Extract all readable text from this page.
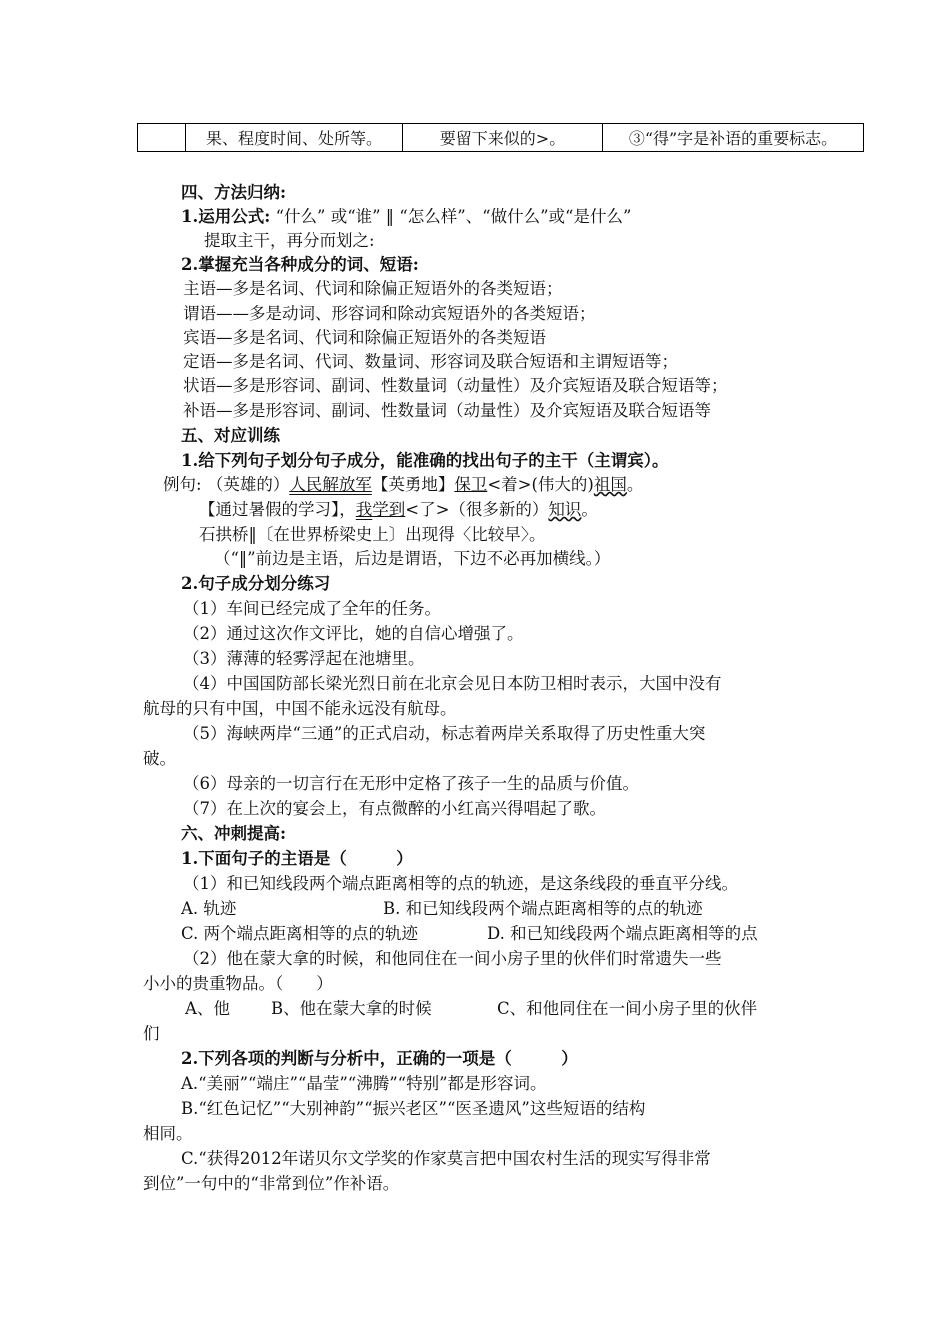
	果、程度时间、处所等。	要留下来似的>。	③“得”字是补语的重要标志。
四、方法归纳:
1.运用公式: “什么” 或“谁” ‖ “怎么样”、“做什么”或“是什么”
提取主干，再分而划之:
2.掌握充当各种成分的词、短语:
主语—多是名词、代词和除偏正短语外的各类短语；
谓语——多是动词、形容词和除动宾短语外的各类短语；
宾语—多是名词、代词和除偏正短语外的各类短语
定语—多是名词、代词、数量词、形容词及联合短语和主谓短语等；
状语—多是形容词、副词、性数量词（动量性）及介宾短语及联合短语等；
补语—多是形容词、副词、性数量词（动量性）及介宾短语及联合短语等
五、对应训练
1.给下列句子划分句子成分，能准确的找出句子的主干（主谓宾）。
例句: （英雄的）人民解放军【英勇地】保卫<着>(伟大的)祖国。
【通过暑假的学习】，我学到<了>（很多新的）知识。
石拱桥‖〔在世界桥梁史上〕出现得〈比较早〉。
（“‖”前边是主语，后边是谓语，下边不必再加横线。）
2.句子成分划分练习
（1）车间已经完成了全年的任务。
（2）通过这次作文评比，她的自信心增强了。
（3）薄薄的轻雾浮起在池塘里。
（4）中国国防部长梁光烈日前在北京会见日本防卫相时表示，大国中没有
航母的只有中国，中国不能永远没有航母。
（5）海峡两岸“三通”的正式启动，标志着两岸关系取得了历史性重大突
破。
（6）母亲的一切言行在无形中定格了孩子一生的品质与价值。
（7）在上次的宴会上，有点微醉的小红高兴得唱起了歌。
六、冲刺提高:
1.下面句子的主语是（　　　）
（1）和已知线段两个端点距离相等的点的轨迹，是这条线段的垂直平分线。
A. 轨迹	B. 和已知线段两个端点距离相等的点的轨迹
C. 两个端点距离相等的点的轨迹	D. 和已知线段两个端点距离相等的点
（2）他在蒙大拿的时候，和他同住在一间小房子里的伙伴们时常遗失一些
小小的贵重物品。（　　）
A、他 B、他在蒙大拿的时候	C、和他同住在一间小房子里的伙伴
们
2.下列各项的判断与分析中，正确的一项是（　　　）
A.“美丽”“端庄”“晶莹”“沸腾”“特别”都是形容词。
B.“红色记忆”“大别神韵”“振兴老区”“医圣遗风”这些短语的结构
相同。
C.“获得2012年诺贝尔文学奖的作家莫言把中国农村生活的现实写得非常
到位”一句中的“非常到位”作补语。
